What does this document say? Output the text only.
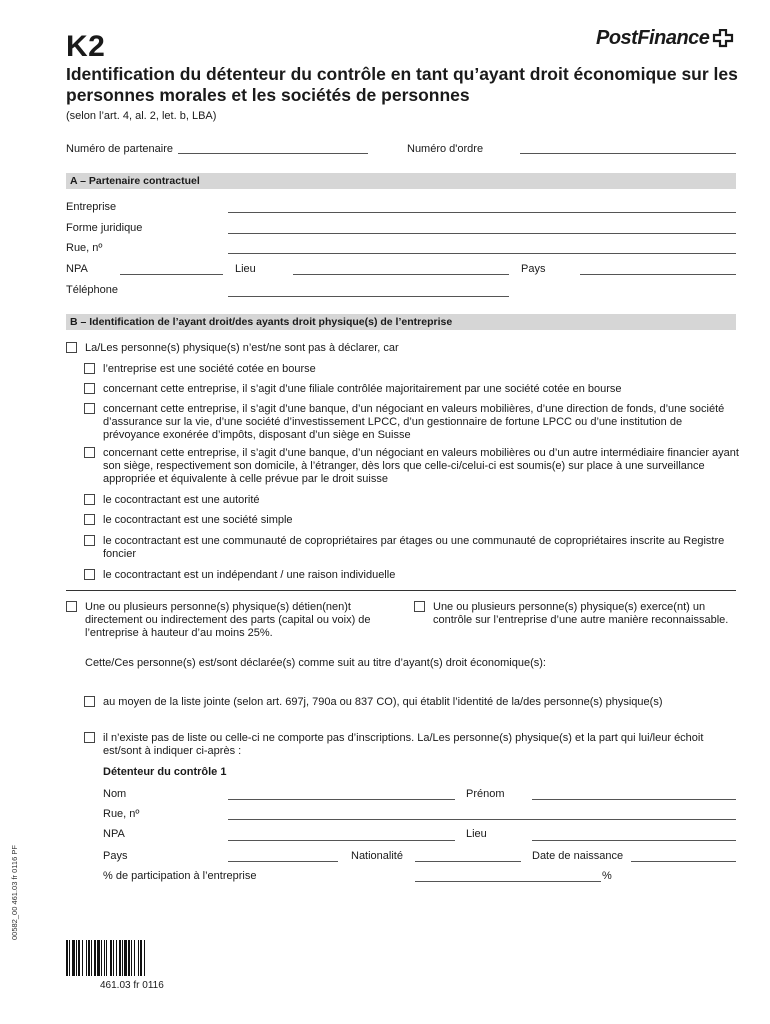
K2	PostFinance
Identification du détenteur du contrôle en tant qu’ayant droit économique sur les personnes morales et les sociétés de personnes
(selon l’art. 4, al. 2, let. b, LBA)
Numéro de partenaire	Numéro d'ordre
A – Partenaire contractuel
Entreprise
Forme juridique
Rue, nº
NPA	Lieu	Pays
Téléphone
B – Identification de l’ayant droit/des ayants droit physique(s) de l’entreprise
La/Les personne(s) physique(s) n’est/ne sont pas à déclarer, car
l’entreprise est une société cotée en bourse
concernant cette entreprise, il s’agit d’une filiale contrôlée majoritairement par une société cotée en bourse
concernant cette entreprise, il s’agit d’une banque, d’un négociant en valeurs mobilières, d’une direction de fonds, d’une société d’assurance sur la vie, d’une société d’investissement LPCC, d’un gestionnaire de fortune LPCC ou d’une institution de prévoyance exonérée d’impôts, disposant d’un siège en Suisse
concernant cette entreprise, il s’agit d’une banque, d’un négociant en valeurs mobilières ou d’un autre intermédiaire financier ayant son siège, respectivement son domicile, à l’étranger, dès lors que celle-ci/celui-ci est soumis(e) sur place à une surveillance appropriée et équivalente à celle prévue par le droit suisse
le cocontractant est une autorité
le cocontractant est une société simple
le cocontractant est une communauté de copropriétaires par étages ou une communauté de copropriétaires inscrite au Registre foncier
le cocontractant est un indépendant / une raison individuelle
Une ou plusieurs personne(s) physique(s) détien(nen)t directement ou indirectement des parts (capital ou voix) de l’entreprise à hauteur d’au moins 25%.
Une ou plusieurs personne(s) physique(s) exerce(nt) un contrôle sur l’entreprise d’une autre manière reconnaissable.
Cette/Ces personne(s) est/sont déclarée(s) comme suit au titre d’ayant(s) droit économique(s):
au moyen de la liste jointe (selon art. 697j, 790a ou 837 CO), qui établit l’identité de la/des personne(s) physique(s)
il n’existe pas de liste ou celle-ci ne comporte pas d’inscriptions. La/Les personne(s) physique(s) et la part qui lui/leur échoit est/sont à indiquer ci-après :
Détenteur du contrôle 1
Nom	Prénom
Rue, nº
NPA	Lieu
Pays	Nationalité	Date de naissance
% de participation à l’entreprise	%
00582_00 461.03 fr 0116 PF
461.03 fr 0116
